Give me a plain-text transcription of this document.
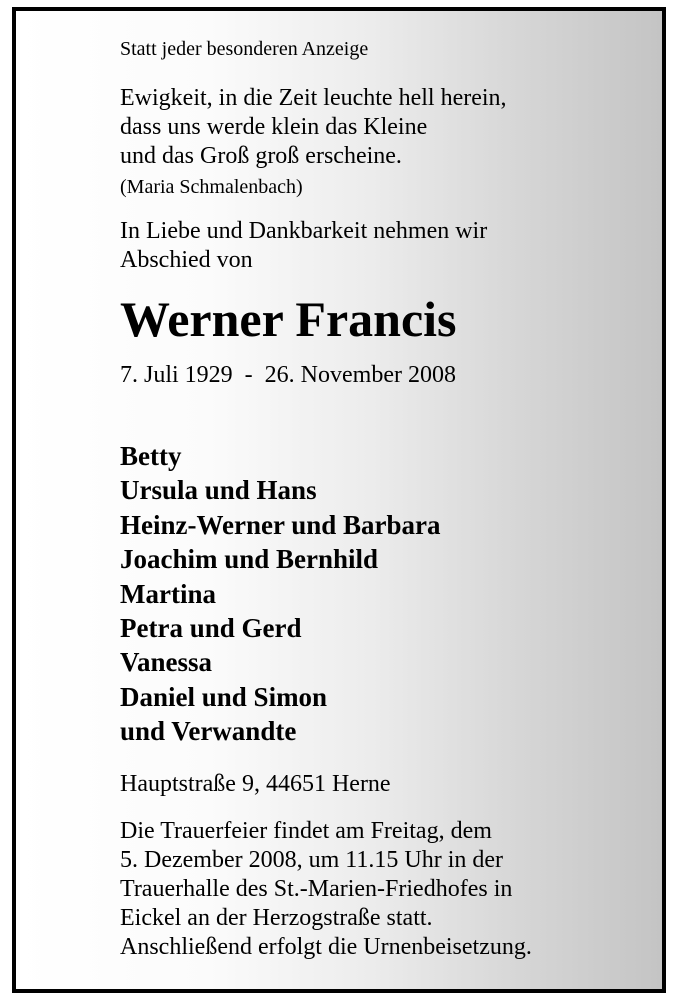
Statt jeder besonderen Anzeige
Ewigkeit, in die Zeit leuchte hell herein,
dass uns werde klein das Kleine
und das Groß groß erscheine.
(Maria Schmalenbach)
In Liebe und Dankbarkeit nehmen wir
Abschied von
Werner Francis
7. Juli 1929  -  26. November 2008
Betty
Ursula und Hans
Heinz-Werner und Barbara
Joachim und Bernhild
Martina
Petra und Gerd
Vanessa
Daniel und Simon
und Verwandte
Hauptstraße 9, 44651 Herne
Die Trauerfeier findet am Freitag, dem
5. Dezember 2008, um 11.15 Uhr in der
Trauerhalle des St.-Marien-Friedhofes in
Eickel an der Herzogstraße statt.
Anschließend erfolgt die Urnenbeisetzung.
